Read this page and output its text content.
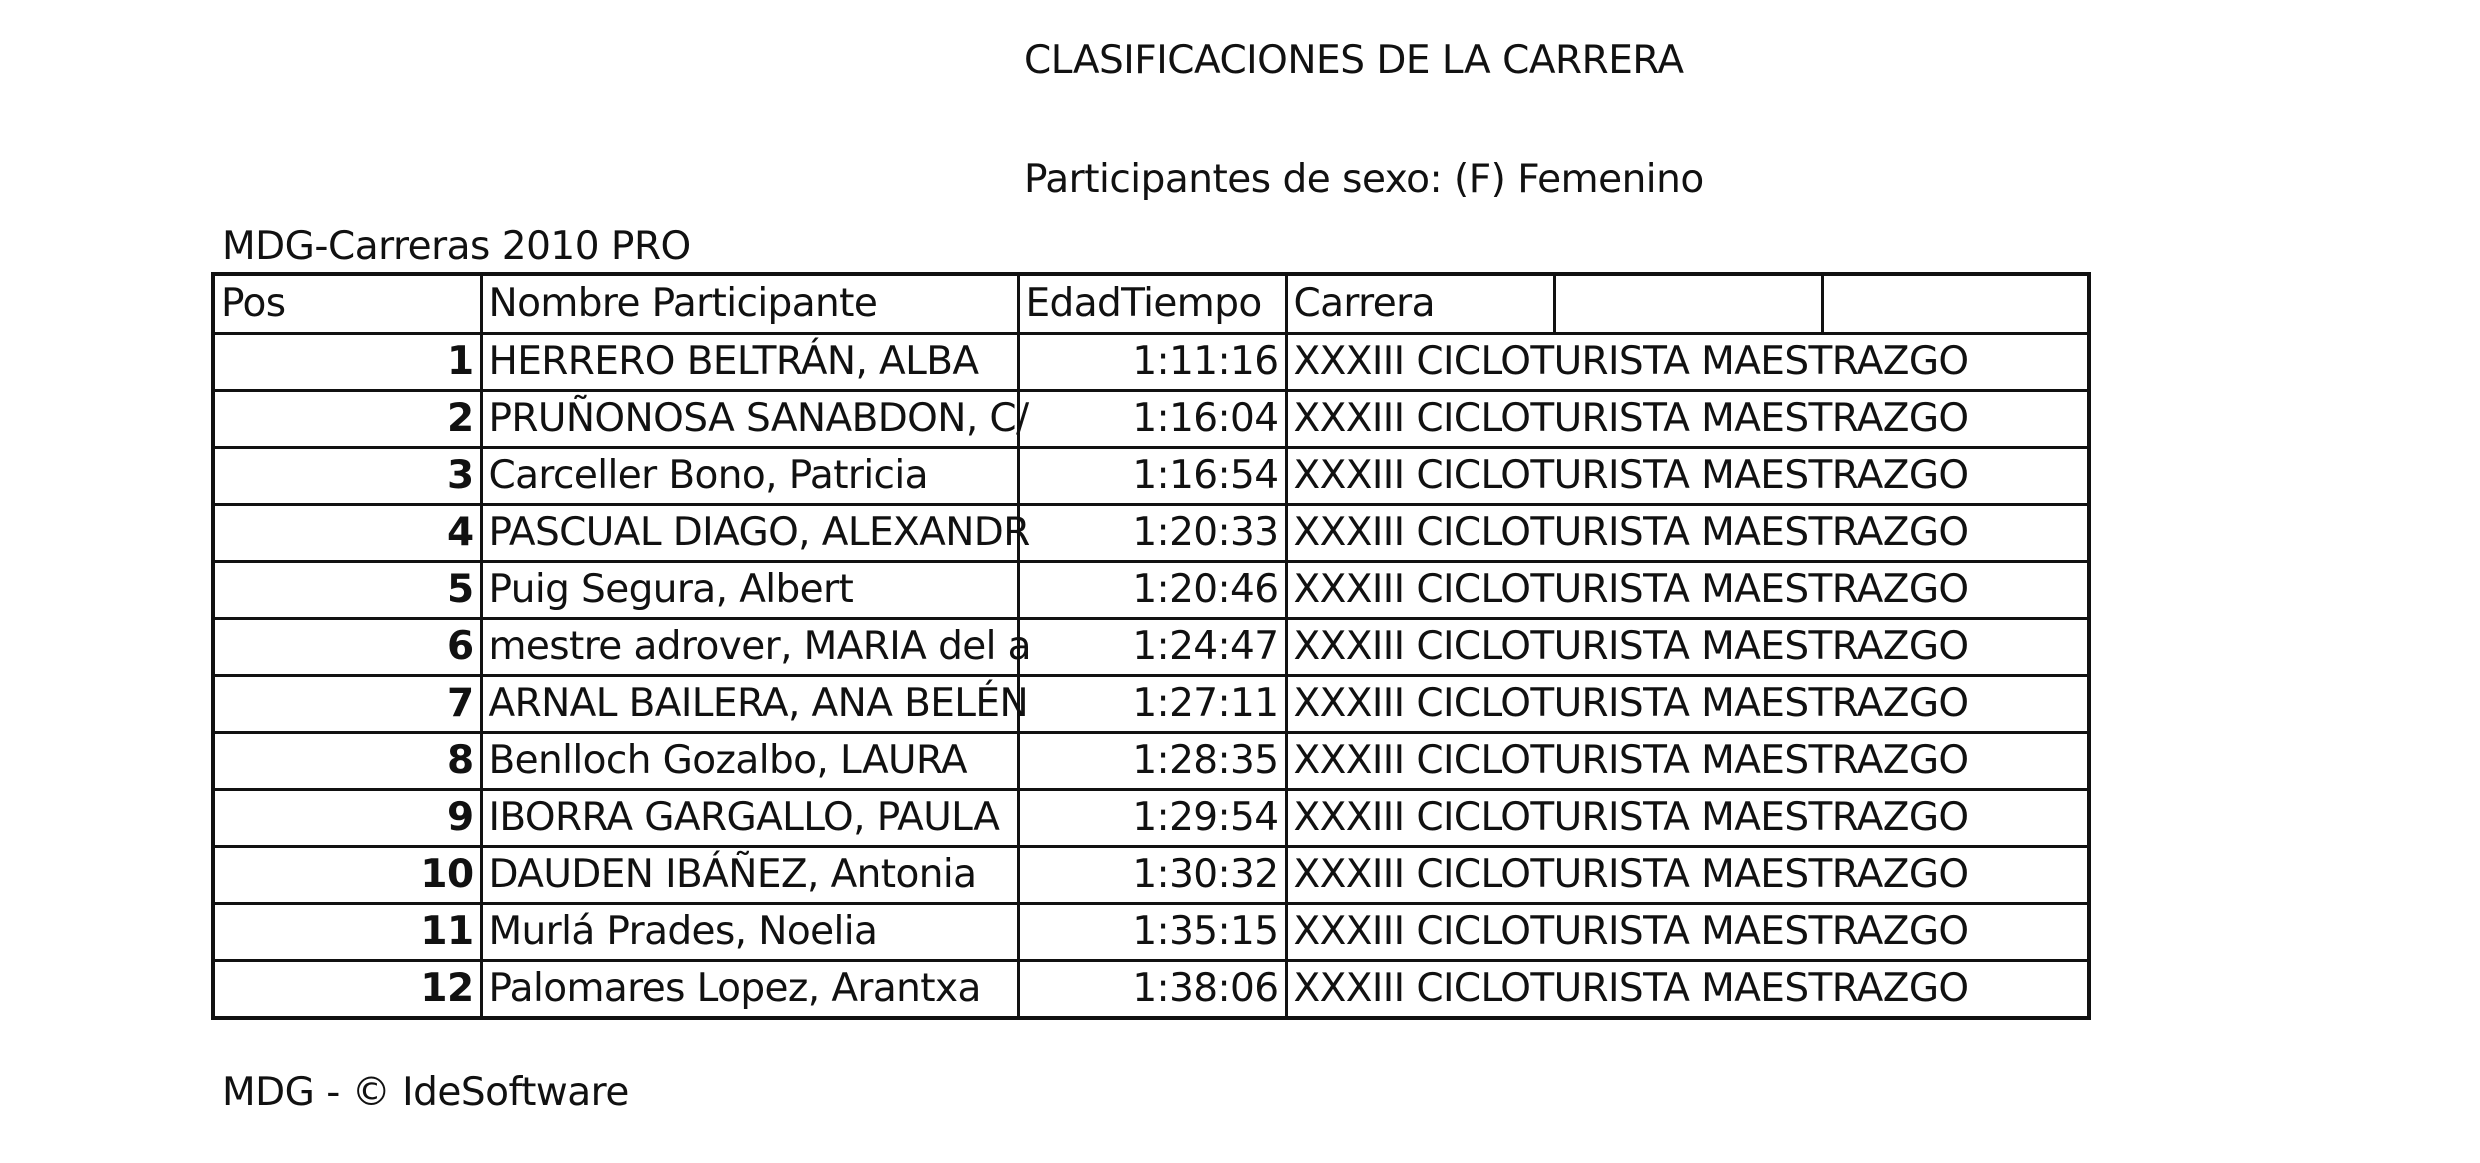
CLASIFICACIONES DE LA CARRERA
Participantes de sexo: (F) Femenino
MDG-Carreras 2010 PRO
Pos	Nombre Participante	EdadTiempo	Carrera		
1	HERRERO BELTRÁN, ALBA	1:11:16	XXXIII CICLOTURISTA MAESTRAZGO		
2	PRUÑONOSA SANABDON, C/	1:16:04	XXXIII CICLOTURISTA MAESTRAZGO		
3	Carceller Bono, Patricia	1:16:54	XXXIII CICLOTURISTA MAESTRAZGO		
4	PASCUAL DIAGO, ALEXANDR	1:20:33	XXXIII CICLOTURISTA MAESTRAZGO		
5	Puig Segura, Albert	1:20:46	XXXIII CICLOTURISTA MAESTRAZGO		
6	mestre adrover, MARIA del a	1:24:47	XXXIII CICLOTURISTA MAESTRAZGO		
7	ARNAL BAILERA, ANA BELÉN	1:27:11	XXXIII CICLOTURISTA MAESTRAZGO		
8	Benlloch Gozalbo, LAURA	1:28:35	XXXIII CICLOTURISTA MAESTRAZGO		
9	IBORRA GARGALLO, PAULA	1:29:54	XXXIII CICLOTURISTA MAESTRAZGO		
10	DAUDEN IBÁÑEZ, Antonia	1:30:32	XXXIII CICLOTURISTA MAESTRAZGO		
11	Murlá Prades, Noelia	1:35:15	XXXIII CICLOTURISTA MAESTRAZGO		
12	Palomares Lopez, Arantxa	1:38:06	XXXIII CICLOTURISTA MAESTRAZGO		
MDG - © IdeSoftware
